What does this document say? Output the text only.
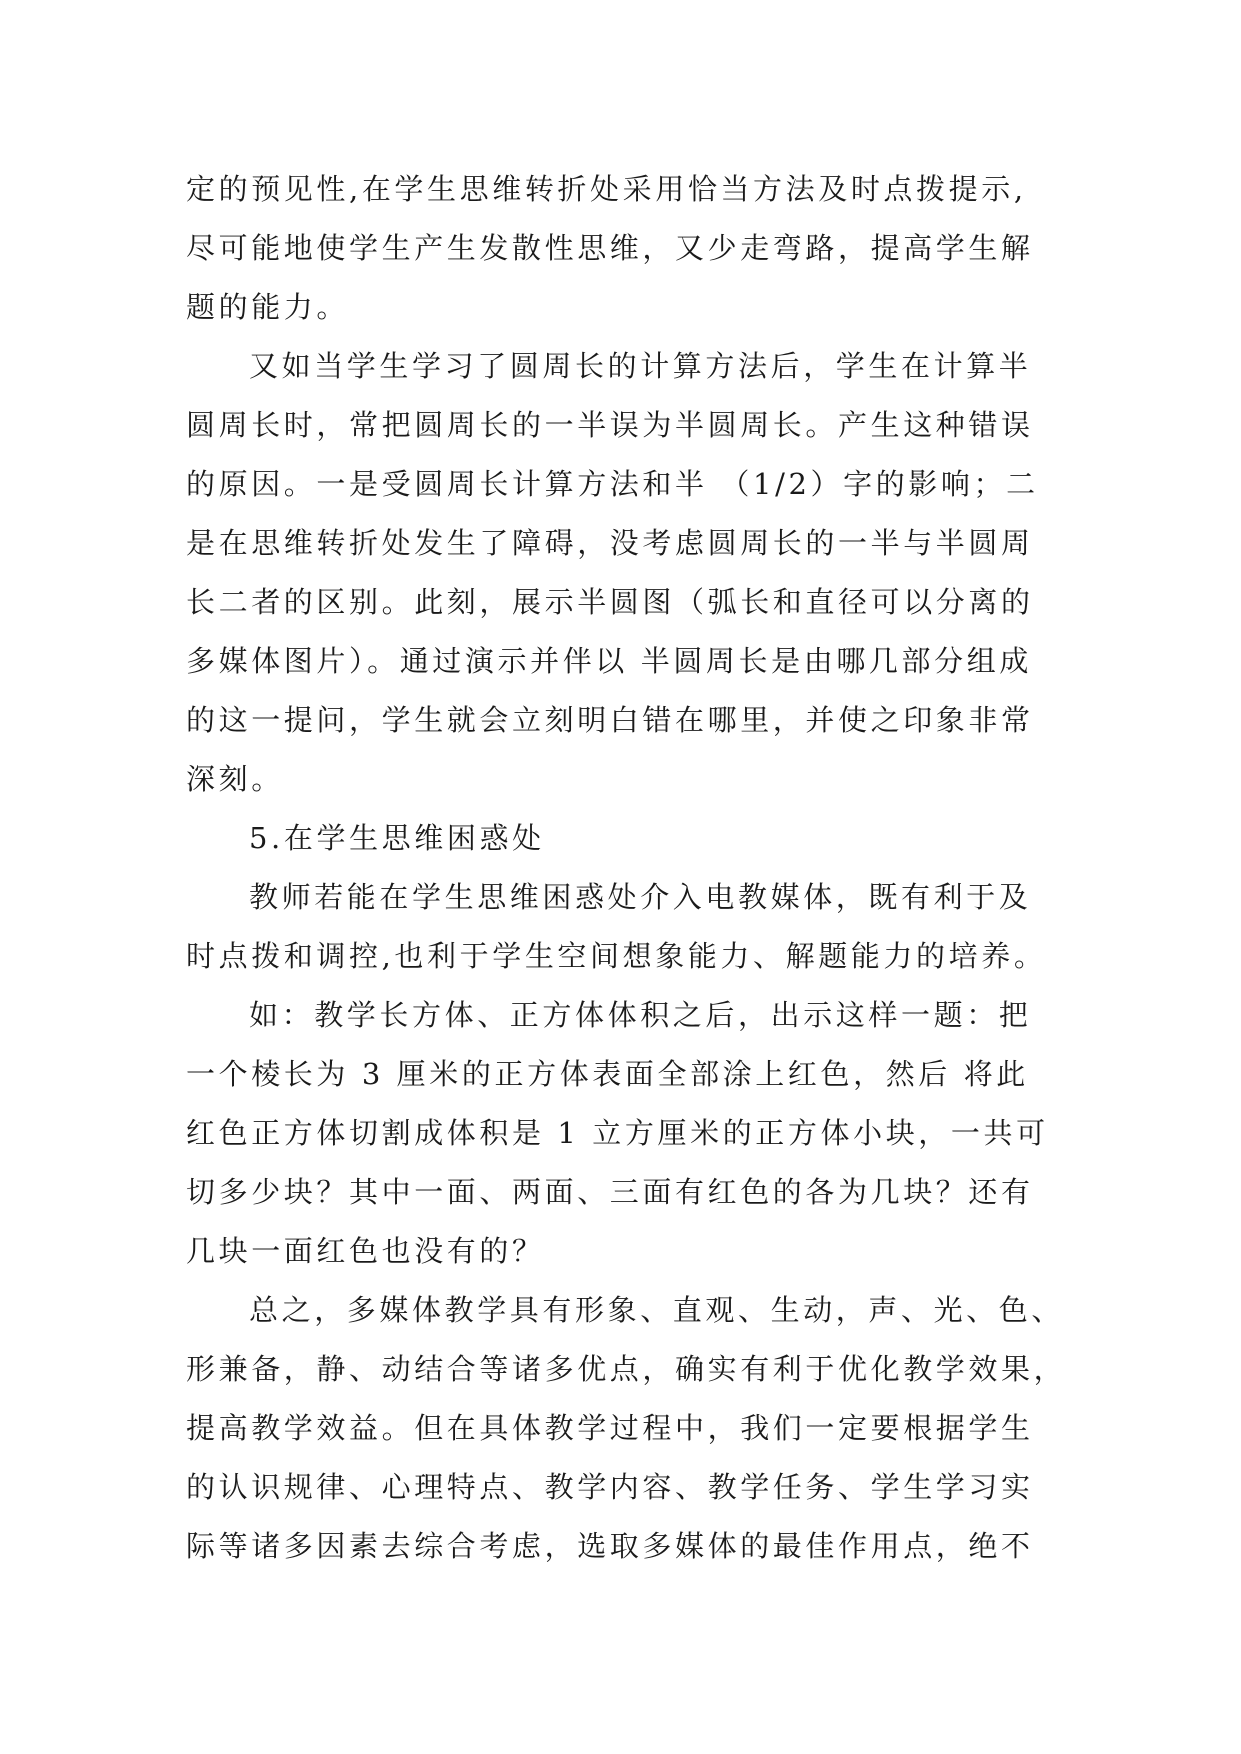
定的预见性,在学生思维转折处采用恰当方法及时点拨提示,
尽可能地使学生产生发散性思维，又少走弯路，提高学生解
题的能力。
又如当学生学习了圆周长的计算方法后，学生在计算半
圆周长时，常把圆周长的一半误为半圆周长。产生这种错误
的原因。一是受圆周长计算方法和半 （1/2）字的影响；二
是在思维转折处发生了障碍，没考虑圆周长的一半与半圆周
长二者的区别。此刻，展示半圆图（弧长和直径可以分离的
多媒体图片）。通过演示并伴以 半圆周长是由哪几部分组成
的这一提问，学生就会立刻明白错在哪里，并使之印象非常
深刻。
5.在学生思维困惑处
教师若能在学生思维困惑处介入电教媒体，既有利于及
时点拨和调控,也利于学生空间想象能力、解题能力的培养。
如：教学长方体、正方体体积之后，出示这样一题：把
一个棱长为 3 厘米的正方体表面全部涂上红色，然后 将此
红色正方体切割成体积是 1 立方厘米的正方体小块，一共可
切多少块？其中一面、两面、三面有红色的各为几块？还有
几块一面红色也没有的？
总之，多媒体教学具有形象、直观、生动，声、光、色、
形兼备，静、动结合等诸多优点，确实有利于优化教学效果，
提高教学效益。但在具体教学过程中，我们一定要根据学生
的认识规律、心理特点、教学内容、教学任务、学生学习实
际等诸多因素去综合考虑，选取多媒体的最佳作用点，绝不
